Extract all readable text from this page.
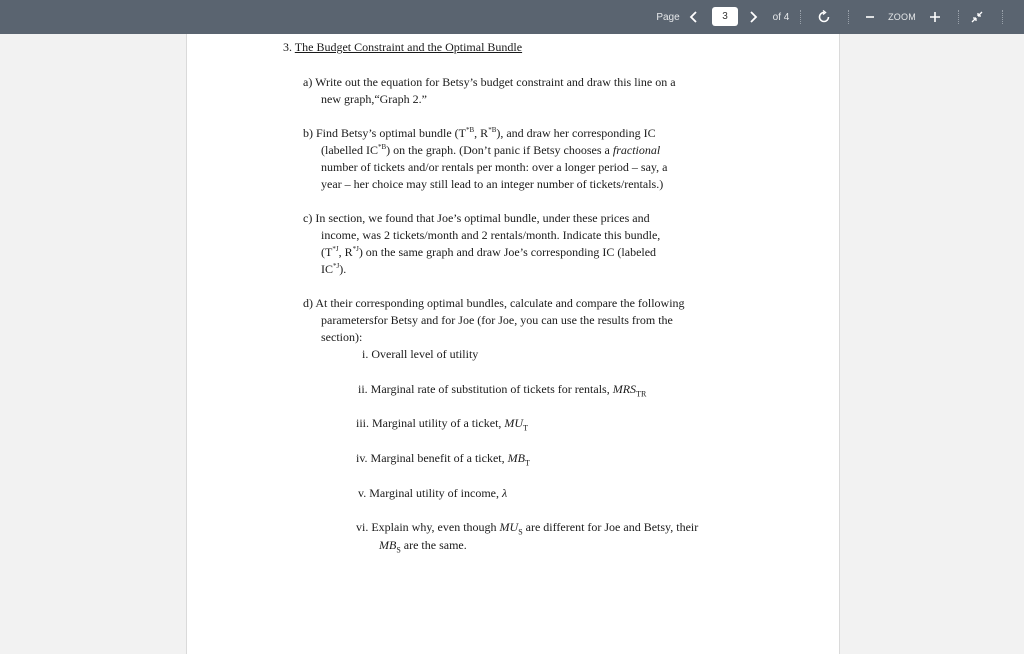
Page
3	of 4	ZOOM
3. The Budget Constraint and the Optimal Bundle
a) Write out the equation for Betsy’s budget constraint and draw this line on a
new graph,“Graph 2.”
b) Find Betsy’s optimal bundle ($T^{*B}$, $R^{*B}$), and draw her corresponding IC
(labelled $IC^{*B}$) on the graph. (Don’t panic if Betsy chooses a fractional
number of tickets and/or rentals per month: over a longer period – say, a
year – her choice may still lead to an integer number of tickets/rentals.)
c) In section, we found that Joe’s optimal bundle, under these prices and
income, was 2 tickets/month and 2 rentals/month. Indicate this bundle,
($T^{*J}$, $R^{*J}$) on the same graph and draw Joe’s corresponding IC (labeled
$IC^{*J}$).
d) At their corresponding optimal bundles, calculate and compare the following
parametersfor Betsy and for Joe (for Joe, you can use the results from the
section):
i. Overall level of utility
ii. Marginal rate of substitution of tickets for rentals, $MRS_{TR}$
iii. Marginal utility of a ticket, $MU_T$
iv. Marginal benefit of a ticket, $MB_T$
v. Marginal utility of income, λ
vi. Explain why, even though $MU_S$ are different for Joe and Betsy, their
$MB_S$ are the same.
